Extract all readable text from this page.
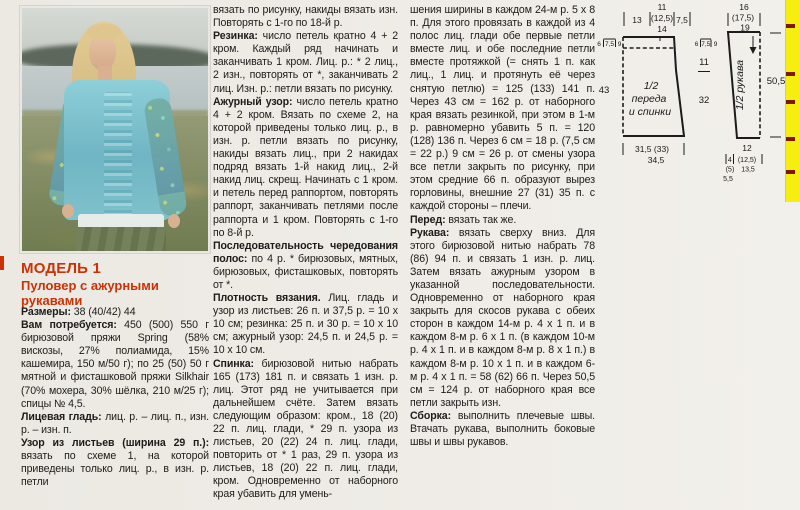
МОДЕЛЬ 1
Пуловер с ажурными рукавами

Размеры: 38 (40/42) 44

Вам потребуется: 450 (500) 550 г бирюзовой пряжи Spring (58% вискозы, 27% полиамида, 15% кашемира, 150 м/50 г); по 25 (50) 50 г мятной и фисташковой пряжи Silkhair (70% мохера, 30% шёлка, 210 м/25 г); спицы № 4,5.

Лицевая гладь: лиц. р. – лиц. п., изн. р. – изн. п.

Узор из листьев (ширина 29 п.): вязать по схеме 1, на которой приведены только лиц. р., в изн. р. петли

вязать по рисунку, накиды вязать изн. Повторять с 1-го по 18-й р.

Резинка: число петель кратно 4 + 2 кром. Каждый ряд начинать и заканчивать 1 кром. Лиц. р.: * 2 лиц., 2 изн., повторять от *, заканчивать 2 лиц. Изн. р.: петли вязать по рисунку.

Ажурный узор: число петель кратно 4 + 2 кром. Вязать по схеме 2, на которой приведены только лиц. р., в изн. р. петли вязать по рисунку, накиды вязать лиц., при 2 накидах подряд вязать 1-й накид лиц., 2-й накид лиц. скрещ. Начинать с 1 кром. и петель перед раппортом, повторять раппорт, заканчивать петлями после раппорта и 1 кром. Повторять с 1-го по 8-й р.

Последовательность чередования полос: по 4 р. * бирюзовых, мятных, бирюзовых, фисташковых, повторять от *.

Плотность вязания. Лиц. гладь и узор из листьев: 26 п. и 37,5 р. = 10 х 10 см; резинка: 25 п. и 30 р. = 10 х 10 см; ажурный узор: 24,5 п. и 24,5 р. = 10 х 10 см.

Спинка: бирюзовой нитью набрать 165 (173) 181 п. и связать 1 изн. р. лиц. Этот ряд не учитывается при дальнейшем счёте. Затем вязать следующим образом: кром., 18 (20) 22 п. лиц. глади, * 29 п. узора из листьев, 20 (22) 24 п. лиц. глади, повторить от * 1 раз, 29 п. узора из листьев, 18 (20) 22 п. лиц. глади, кром. Одновременно от наборного края убавить для умень-

шения ширины в каждом 24-м р. 5 х 8 п. Для этого провязать в каждой из 4 полос лиц. глади обе первые петли вместе лиц. и обе последние петли вместе протяжкой (= снять 1 п. как лиц., 1 лиц. и протянуть её через снятую петлю) = 125 (133) 141 п. Через 43 см = 162 р. от наборного края вязать резинкой, при этом в 1-м р. равномерно убавить 5 п. = 120 (128) 136 п. Через 6 см = 18 р. (7,5 см = 22 р.) 9 см = 26 р. от смены узора все петли закрыть по рисунку, при этом средние 66 п. образуют вырез горловины, внешние 27 (31) 35 п. с каждой стороны – плечи.

Перед: вязать так же.

Рукава: вязать сверху вниз. Для этого бирюзовой нитью набрать 78 (86) 94 п. и связать 1 изн. р. лиц. Затем вязать ажурным узором в указанной последовательности. Одновременно от наборного края закрыть для скосов рукава с обеих сторон в каждом 14-м р. 4 х 1 п. и в каждом 8-м р. 6 х 1 п. (в каждом 10-м р. 4 х 1 п. и в каждом 8-м р. 8 х 1 п.) в каждом 8-м р. 10 х 1 п. и в каждом 6-м р. 4 х 1 п. = 58 (62) 66 п. Через 50,5 см = 124 р. от наборного края все петли закрыть изн.

Сборка: выполнить плечевые швы. Втачать рукава, выполнить боковые швы и швы рукавов.

13
11
(12,5)
14
7,5
6 7,5 9
43
31,5 (33)
34,5
1/2
переда
и спинки
6 7,5 9
11
32 1/2 рукава
16
(17,5)
19
50,5
12
4 (12,5)
(5) 13,5
5,5
